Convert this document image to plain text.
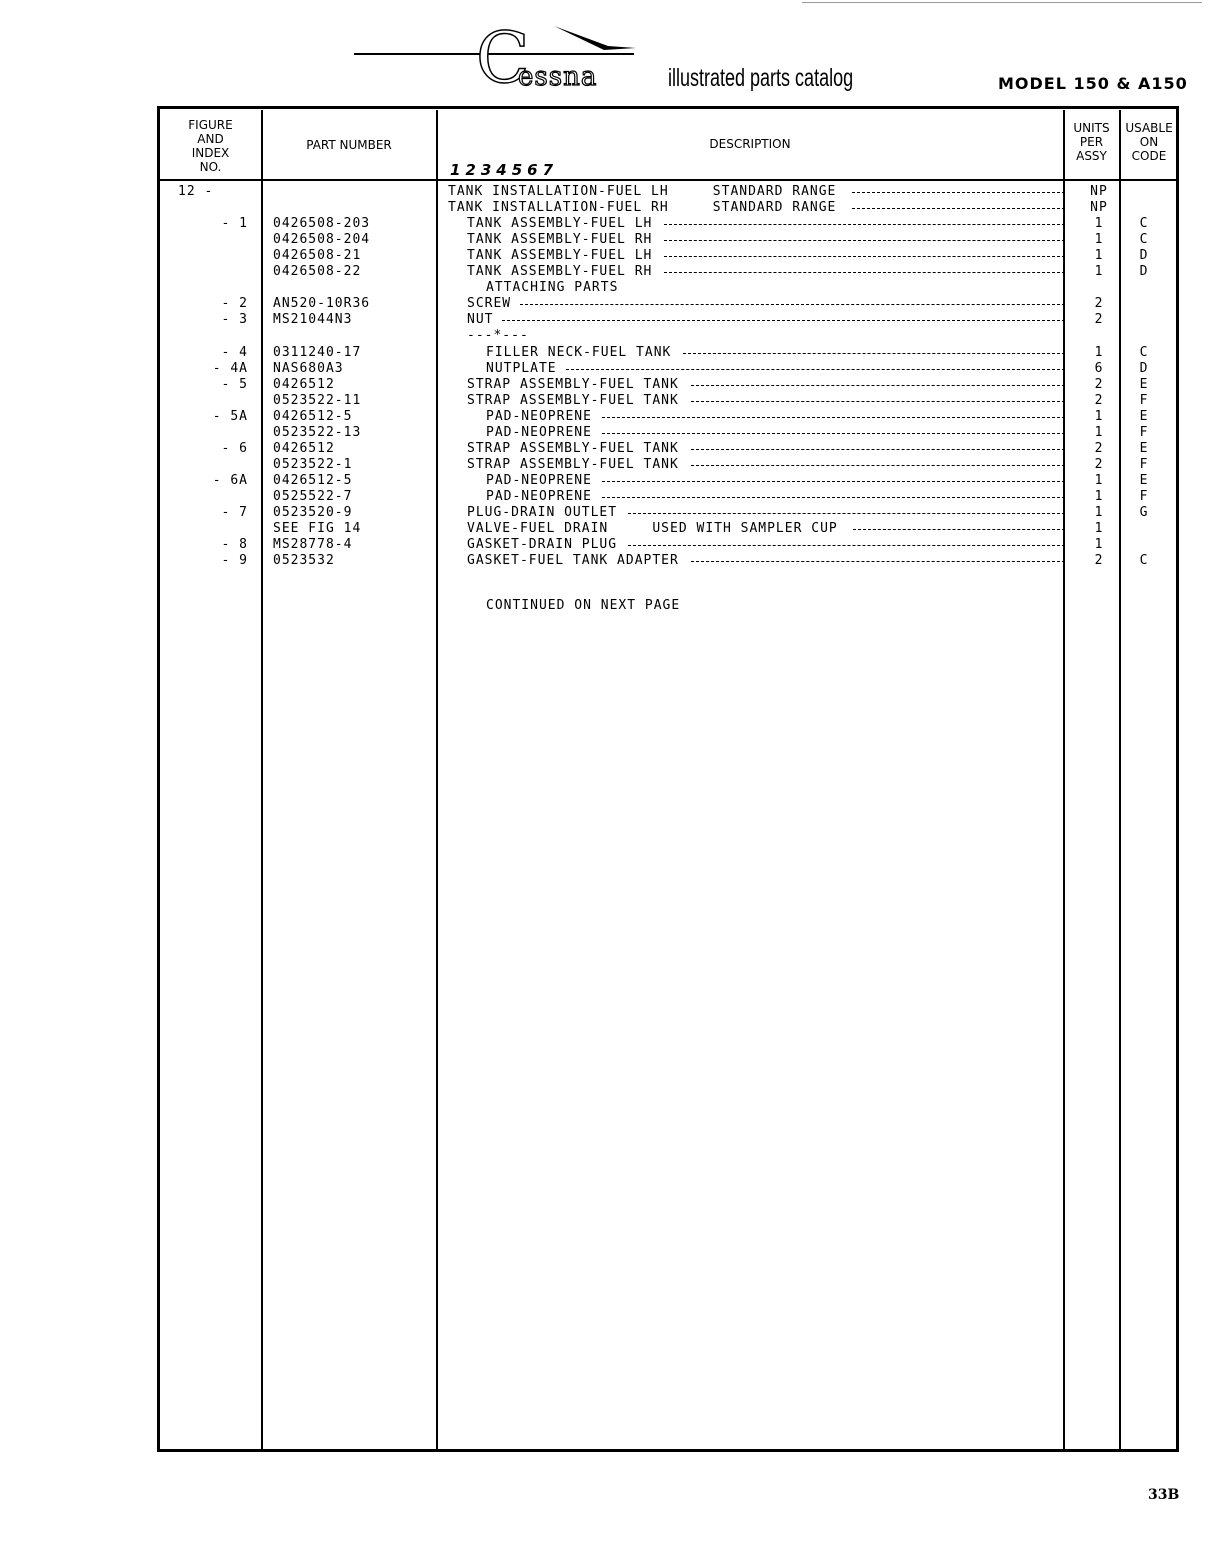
C
essna	illustrated parts catalog	MODEL 150 & A150
FIGURE
AND
INDEX
NO.
PART NUMBER	DESCRIPTION
1234567
UNITS
PER
ASSY
USABLE
ON
CODE
12 -	TANK INSTALLATION-FUEL LH     STANDARD RANGE	NP
TANK INSTALLATION-FUEL RH     STANDARD RANGE	NP
- 1 0426508-203	TANK ASSEMBLY-FUEL LH	1	C
0426508-204	TANK ASSEMBLY-FUEL RH	1	C
0426508-21	TANK ASSEMBLY-FUEL LH	1	D
0426508-22	TANK ASSEMBLY-FUEL RH	1	D
ATTACHING PARTS
- 2 AN520-10R36	SCREW	2
- 3 MS21044N3	NUT	2
---*---
- 4 0311240-17	FILLER NECK-FUEL TANK	1	C
- 4A NAS680A3	NUTPLATE	6	D
- 5 0426512	STRAP ASSEMBLY-FUEL TANK	2	E
0523522-11	STRAP ASSEMBLY-FUEL TANK	2	F
- 5A 0426512-5	PAD-NEOPRENE	1	E
0523522-13	PAD-NEOPRENE	1	F
- 6 0426512	STRAP ASSEMBLY-FUEL TANK	2	E
0523522-1	STRAP ASSEMBLY-FUEL TANK	2	F
- 6A 0426512-5	PAD-NEOPRENE	1	E
0525522-7	PAD-NEOPRENE	1	F
- 7 0523520-9	PLUG-DRAIN OUTLET	1	G
SEE FIG 14	VALVE-FUEL DRAIN     USED WITH SAMPLER CUP	1
- 8 MS28778-4	GASKET-DRAIN PLUG	1
- 9 0523532	GASKET-FUEL TANK ADAPTER	2	C
CONTINUED ON NEXT PAGE
33B
